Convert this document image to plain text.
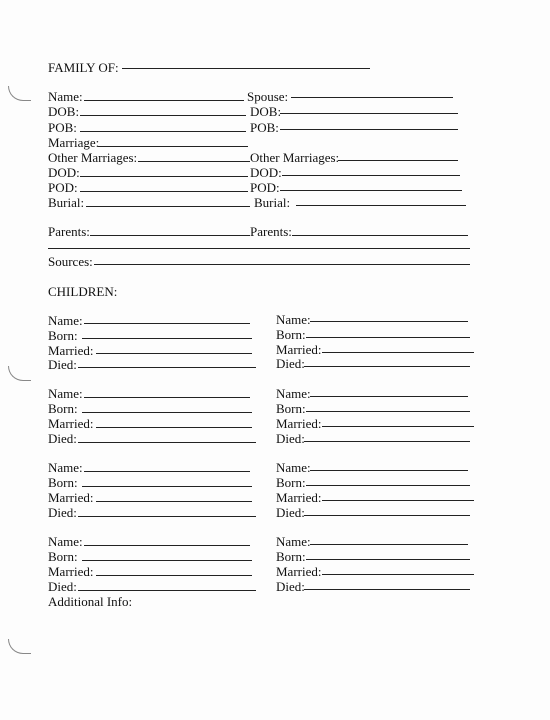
FAMILY OF:
Name:
DOB:
POB:
Marriage:
Other Marriages:
DOD:
POD:
Burial:
Spouse:
DOB:
POB:
Other Marriages:
DOD:
POD:
Burial:
Parents:	Parents:
Sources:
CHILDREN:
Name:
Born:
Married:
Died:
Name:
Born:
Married:
Died:
Name:
Born:
Married:
Died:
Name:
Born:
Married:
Died:
Name:
Born:
Married:
Died:
Name:
Born:
Married:
Died:
Name:
Born:
Married:
Died:
Name:
Born:
Married:
Died:
Additional Info:
